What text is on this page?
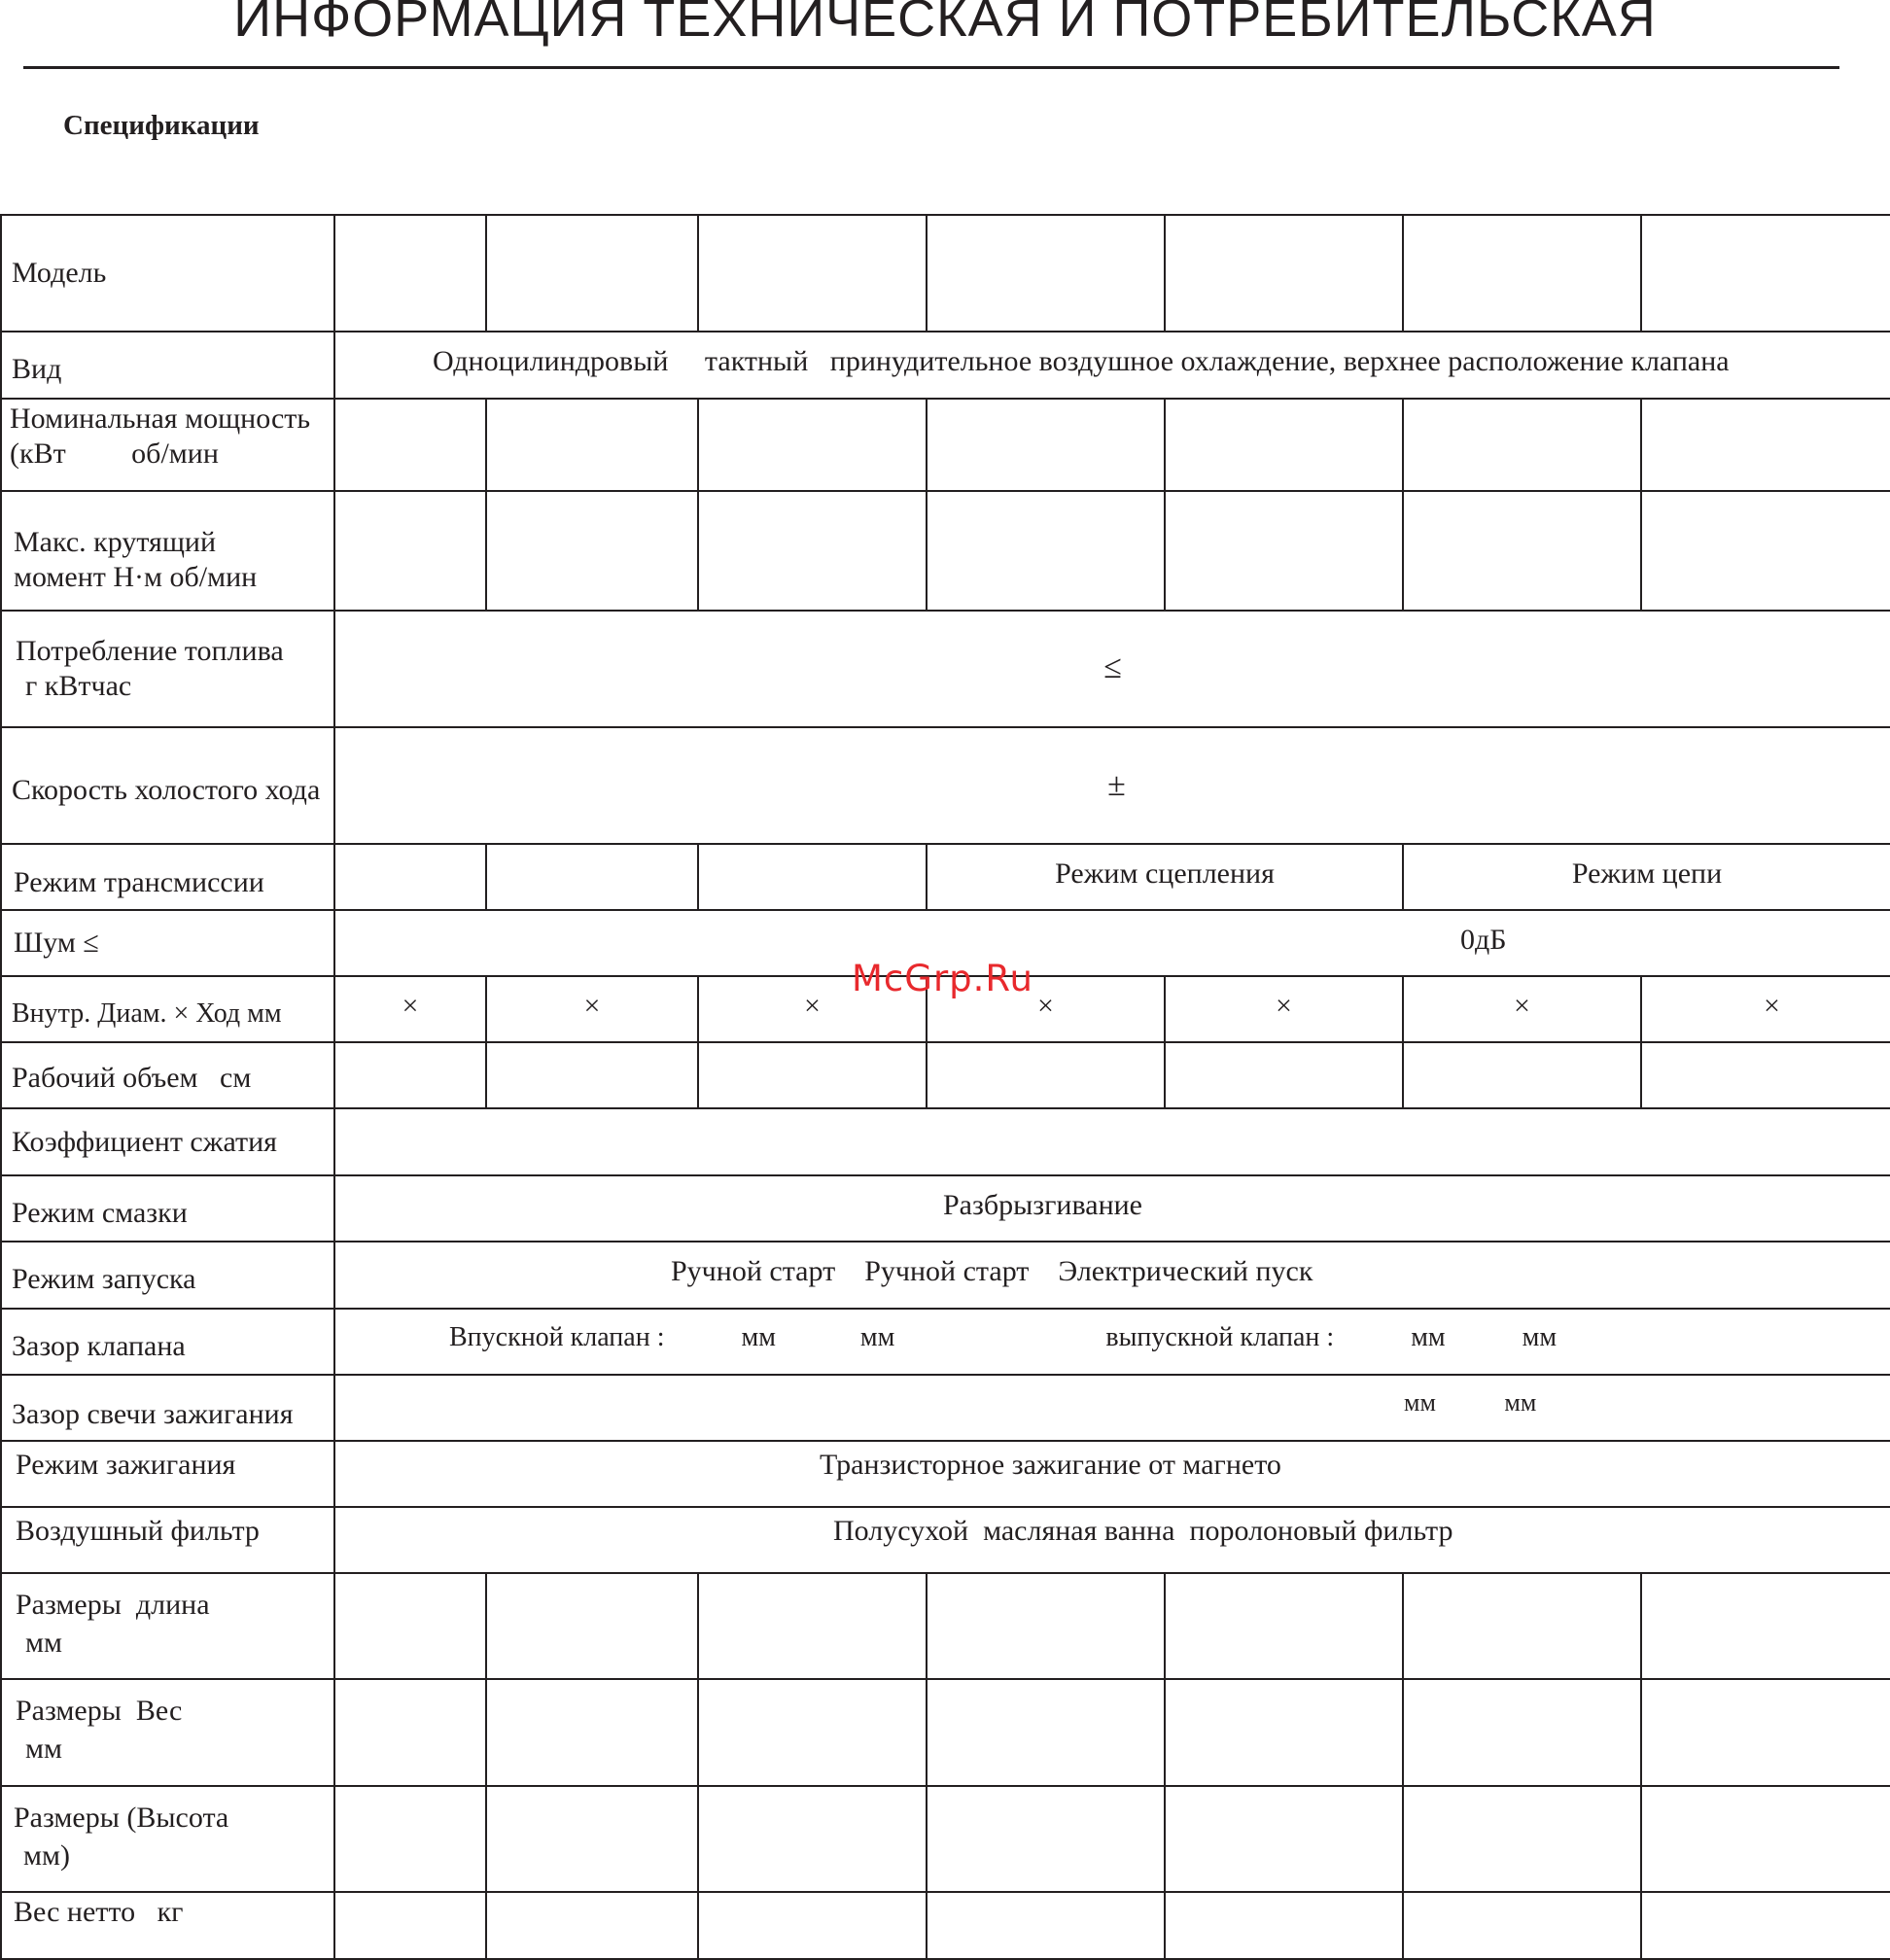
ИНФОРМАЦИЯ ТЕХНИЧЕСКАЯ И ПОТРЕБИТЕЛЬСКАЯ
Спецификации
Модель							
Вид	Одноцилиндровый     тактный   принудительное воздушное охлаждение, верхнее расположение клапана						

Номинальная мощность
(кВт         об/мин							

Макс. крутящий
момент Н·м об/мин							

Потребление топлива
г кВтчас	≤						
Скорость холостого хода	±						
Режим трансмиссии				Режим сцепления		Режим цепи	
Шум ≤	0дБ						
Внутр. Диам. × Ход мм	×	×	×	×	×	×	×
Рабочий объем   см							
Коэффициент сжатия							
Режим смазки	Разбрызгивание						
Режим запуска	Ручной старт    Ручной старт    Электрический пуск						
Зазор клапана	Впускной клапан : мм мм выпускной клапан : мм мм						
Зазор свечи зажигания	мм мм						
Режим зажигания	Транзисторное зажигание от магнето						
Воздушный фильтр	Полусухой  масляная ванна  поролоновый фильтр						

Размеры  длина
мм							

Размеры  Вес
мм							

Размеры (Высота
мм)							

Вес нетто   кг							
McGrp.Ru
